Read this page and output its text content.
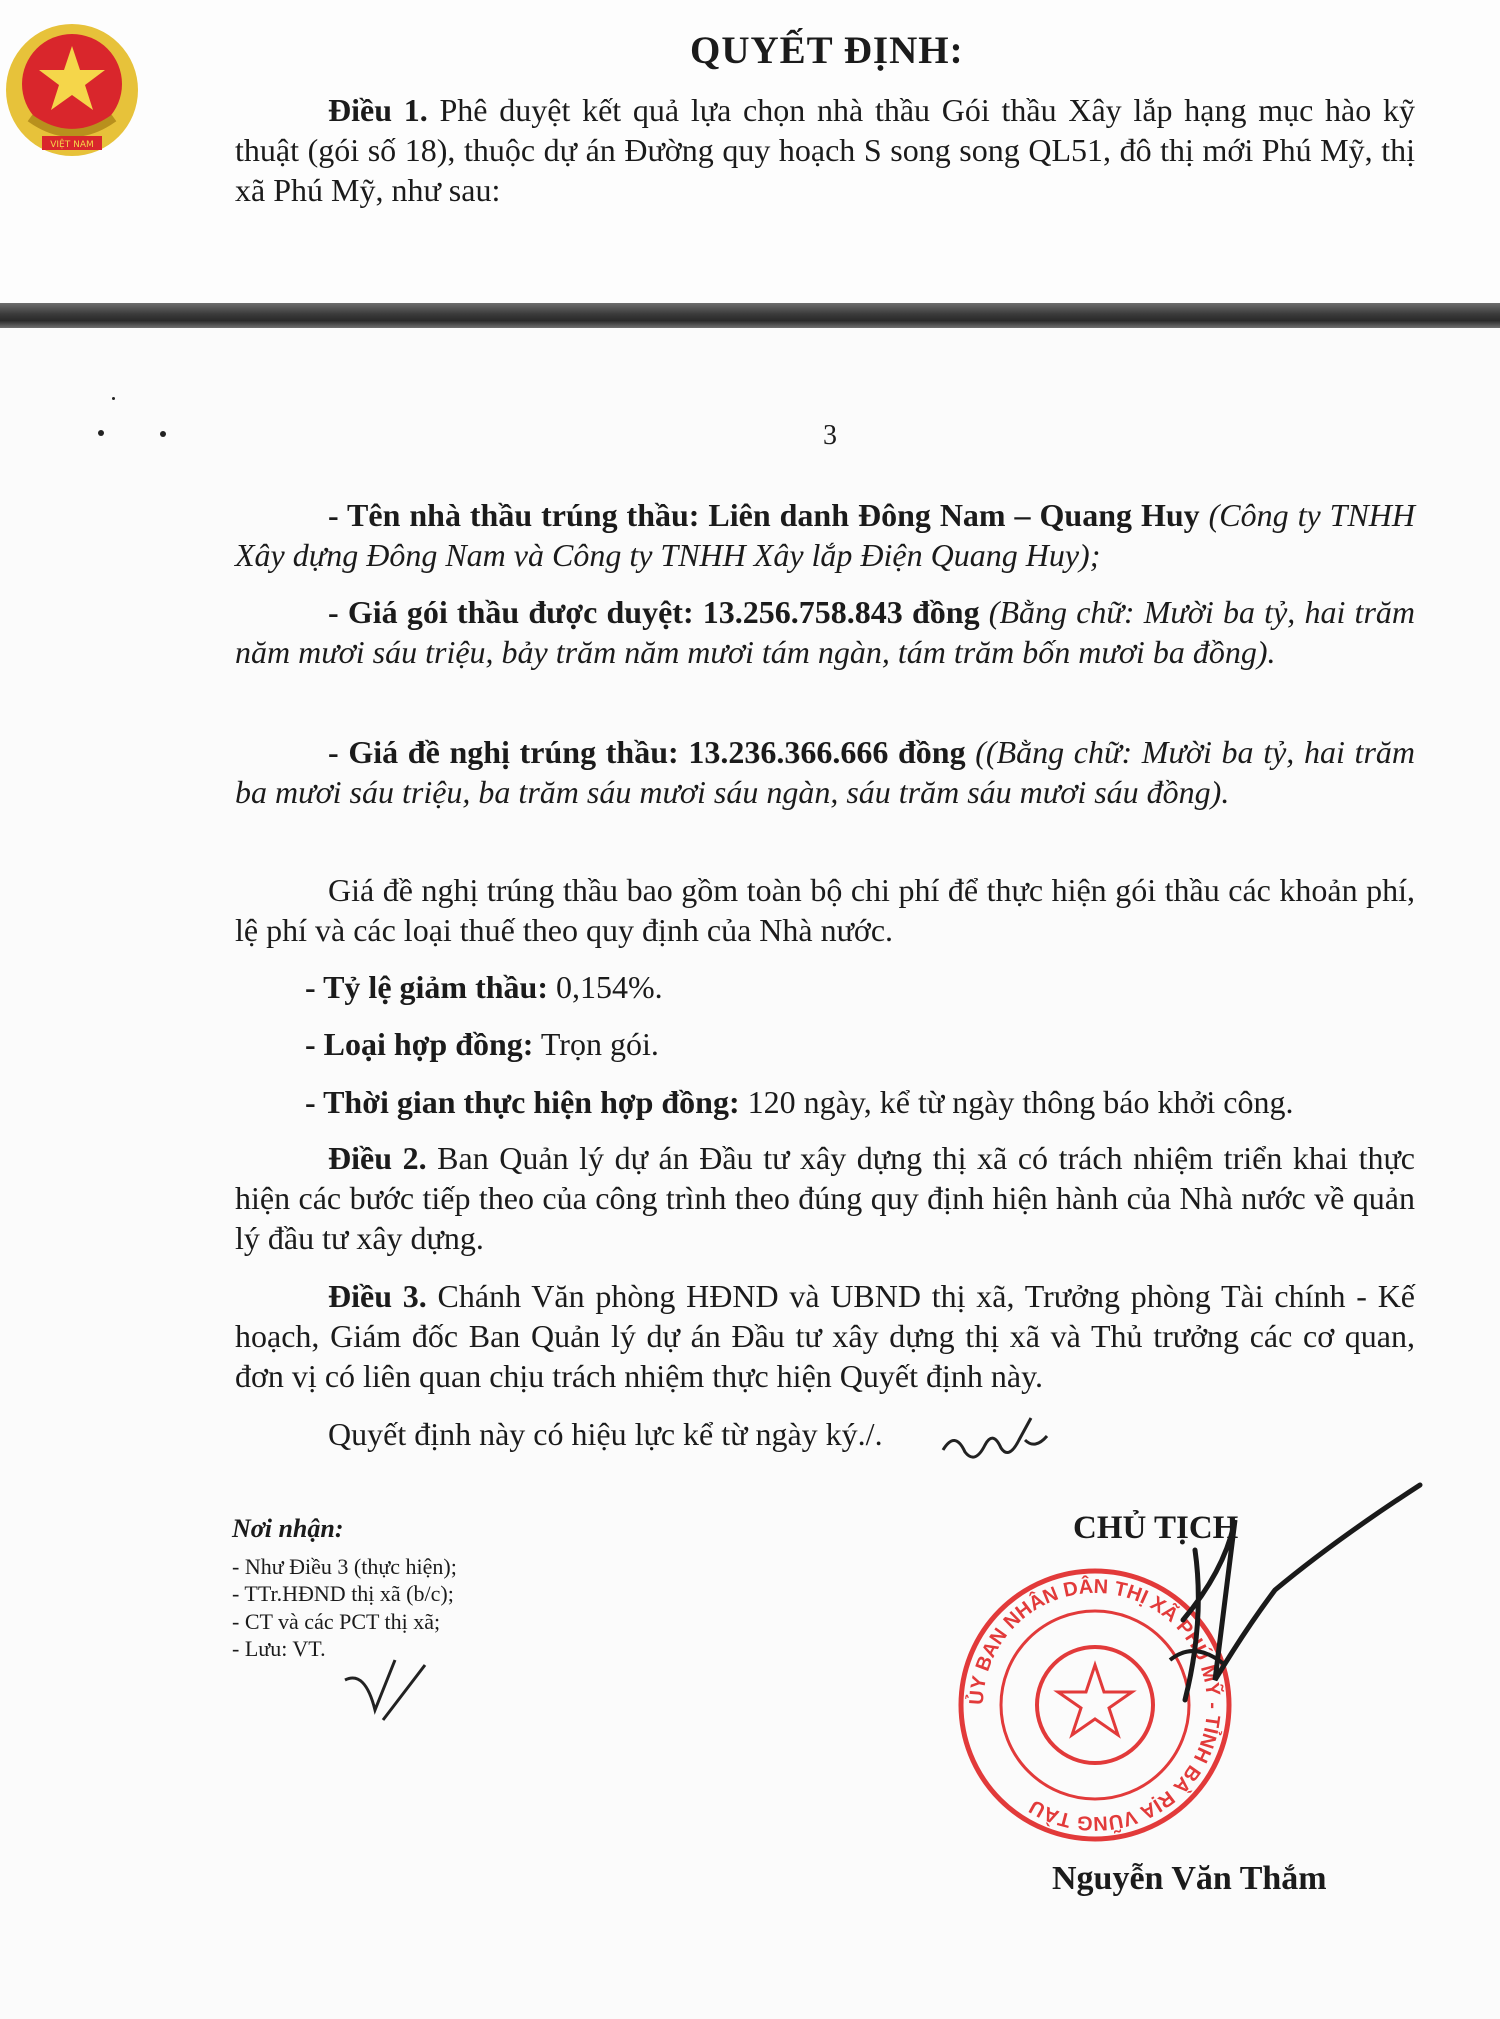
VIỆT NAM
QUYẾT ĐỊNH:

Điều 1. Phê duyệt kết quả lựa chọn nhà thầu Gói thầu Xây lắp hạng mục hào kỹ thuật (gói số 18), thuộc dự án Đường quy hoạch S song song QL51, đô thị mới Phú Mỹ, thị xã Phú Mỹ, như sau:

3

- Tên nhà thầu trúng thầu: Liên danh Đông Nam – Quang Huy (Công ty TNHH Xây dựng Đông Nam và Công ty TNHH Xây lắp Điện Quang Huy);

- Giá gói thầu được duyệt: 13.256.758.843 đồng (Bằng chữ: Mười ba tỷ, hai trăm năm mươi sáu triệu, bảy trăm năm mươi tám ngàn, tám trăm bốn mươi ba đồng).

- Giá đề nghị trúng thầu: 13.236.366.666 đồng ((Bằng chữ: Mười ba tỷ, hai trăm ba mươi sáu triệu, ba trăm sáu mươi sáu ngàn, sáu trăm sáu mươi sáu đồng).

Giá đề nghị trúng thầu bao gồm toàn bộ chi phí để thực hiện gói thầu các khoản phí, lệ phí và các loại thuế theo quy định của Nhà nước.

- Tỷ lệ giảm thầu: 0,154%.

- Loại hợp đồng: Trọn gói.

- Thời gian thực hiện hợp đồng: 120 ngày, kể từ ngày thông báo khởi công.

Điều 2. Ban Quản lý dự án Đầu tư xây dựng thị xã có trách nhiệm triển khai thực hiện các bước tiếp theo của công trình theo đúng quy định hiện hành của Nhà nước về quản lý đầu tư xây dựng.

Điều 3. Chánh Văn phòng HĐND và UBND thị xã, Trưởng phòng Tài chính - Kế hoạch, Giám đốc Ban Quản lý dự án Đầu tư xây dựng thị xã và Thủ trưởng các cơ quan, đơn vị có liên quan chịu trách nhiệm thực hiện Quyết định này.

Quyết định này có hiệu lực kể từ ngày ký./.

Nơi nhận:
- Như Điều 3 (thực hiện);
- TTr.HĐND thị xã (b/c);
- CT và các PCT thị xã;
- Lưu: VT.
CHỦ TỊCH
ỦY BAN NHÂN DÂN THỊ XÃ PHÚ MỸ - TỈNH BÀ RỊA VŨNG TÀU
Nguyễn Văn Thắm
